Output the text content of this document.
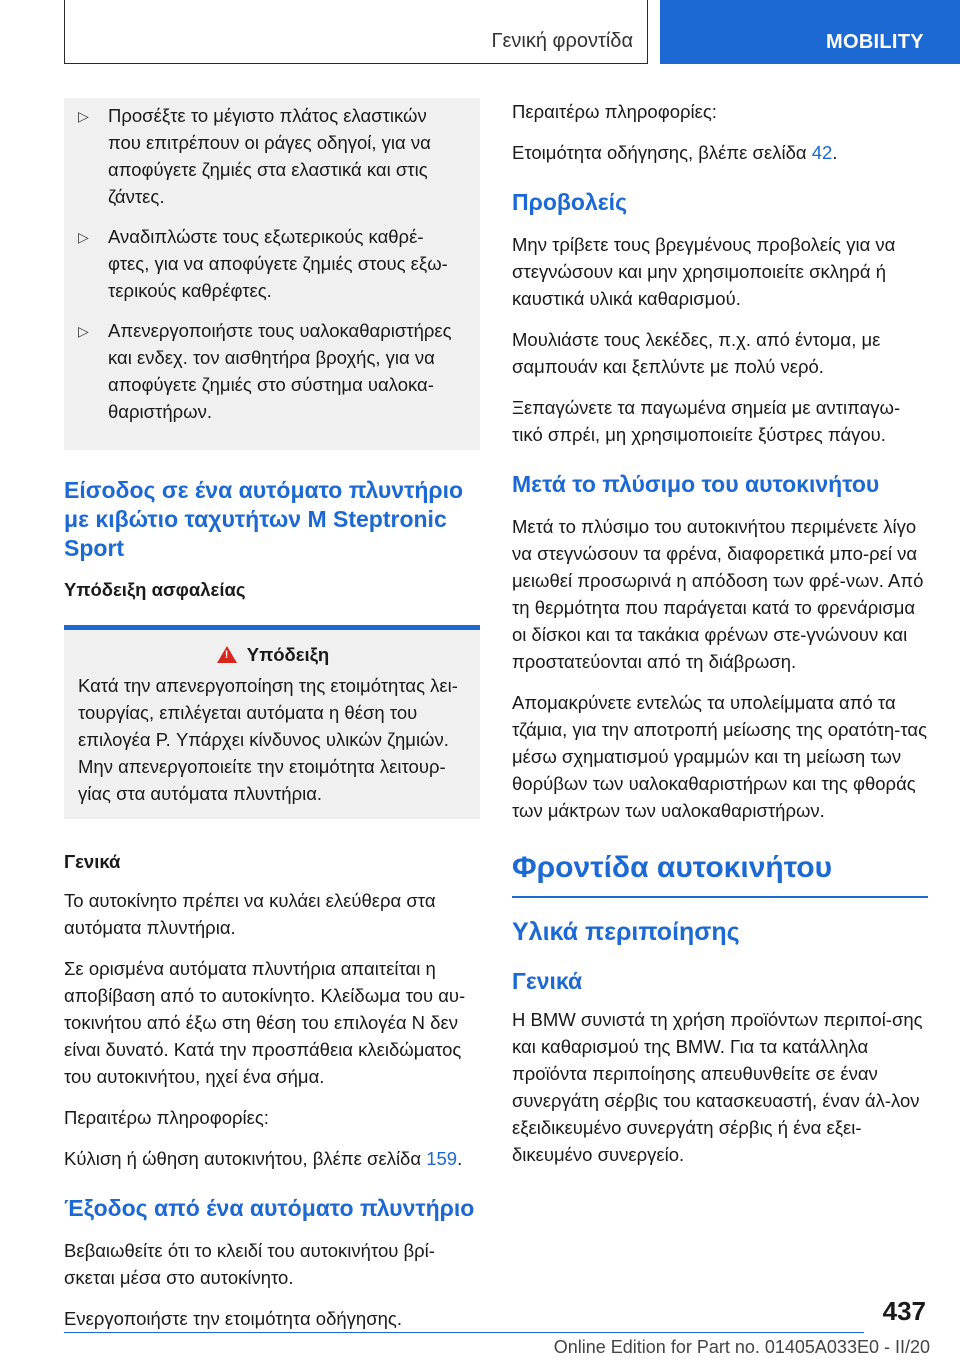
Γενική φροντίδα	MOBILITY
▷ Προσέξτε το μέγιστο πλάτος ελαστικών που επιτρέπουν οι ράγες οδηγοί, για να αποφύγετε ζημιές στα ελαστικά και στις ζάντες.
▷ Αναδιπλώστε τους εξωτερικούς καθρέ-φτες, για να αποφύγετε ζημιές στους εξω-τερικούς καθρέφτες.
▷ Απενεργοποιήστε τους υαλοκαθαριστήρες και ενδεχ. τον αισθητήρα βροχής, για να αποφύγετε ζημιές στο σύστημα υαλοκα-θαριστήρων.
Είσοδος σε ένα αυτόματο πλυντήριο με κιβώτιο ταχυτήτων M Steptronic Sport
Υπόδειξη ασφαλείας
!Υπόδειξη

Κατά την απενεργοποίηση της ετοιμότητας λει-τουργίας, επιλέγεται αυτόματα η θέση του επιλογέα P. Υπάρχει κίνδυνος υλικών ζημιών. Μην απενεργοποιείτε την ετοιμότητα λειτουρ-γίας στα αυτόματα πλυντήρια.

Γενικά

Το αυτοκίνητο πρέπει να κυλάει ελεύθερα στα αυτόματα πλυντήρια.

Σε ορισμένα αυτόματα πλυντήρια απαιτείται η αποβίβαση από το αυτοκίνητο. Κλείδωμα του αυ-τοκινήτου από έξω στη θέση του επιλογέα N δεν είναι δυνατό. Κατά την προσπάθεια κλειδώματος του αυτοκινήτου, ηχεί ένα σήμα.

Περαιτέρω πληροφορίες:

Κύλιση ή ώθηση αυτοκινήτου, βλέπε σελίδα 159.

Έξοδος από ένα αυτόματο πλυντήριο

Βεβαιωθείτε ότι το κλειδί του αυτοκινήτου βρί-σκεται μέσα στο αυτοκίνητο.

Ενεργοποιήστε την ετοιμότητα οδήγησης.

Περαιτέρω πληροφορίες:

Ετοιμότητα οδήγησης, βλέπε σελίδα 42.

Προβολείς

Μην τρίβετε τους βρεγμένους προβολείς για να στεγνώσουν και μην χρησιμοποιείτε σκληρά ή καυστικά υλικά καθαρισμού.

Μουλιάστε τους λεκέδες, π.χ. από έντομα, με σαμπουάν και ξεπλύντε με πολύ νερό.

Ξεπαγώνετε τα παγωμένα σημεία με αντιπαγω-τικό σπρέι, μη χρησιμοποιείτε ξύστρες πάγου.

Μετά το πλύσιμο του αυτοκινήτου

Μετά το πλύσιμο του αυτοκινήτου περιμένετε λίγο να στεγνώσουν τα φρένα, διαφορετικά μπο-ρεί να μειωθεί προσωρινά η απόδοση των φρέ-νων. Από τη θερμότητα που παράγεται κατά το φρενάρισμα οι δίσκοι και τα τακάκια φρένων στε-γνώνουν και προστατεύονται από τη διάβρωση.

Απομακρύνετε εντελώς τα υπολείμματα από τα τζάμια, για την αποτροπή μείωσης της ορατότη-τας μέσω σχηματισμού γραμμών και τη μείωση των θορύβων των υαλοκαθαριστήρων και της φθοράς των μάκτρων των υαλοκαθαριστήρων.

Φροντίδα αυτοκινήτου
Υλικά περιποίησης
Γενικά

Η BMW συνιστά τη χρήση προϊόντων περιποί-σης και καθαρισμού της BMW. Για τα κατάλληλα προϊόντα περιποίησης απευθυνθείτε σε έναν συνεργάτη σέρβις του κατασκευαστή, έναν άλ-λον εξειδικευμένο συνεργάτη σέρβις ή ένα εξει-δικευμένο συνεργείο.

437
Online Edition for Part no. 01405A033E0 - II/20
